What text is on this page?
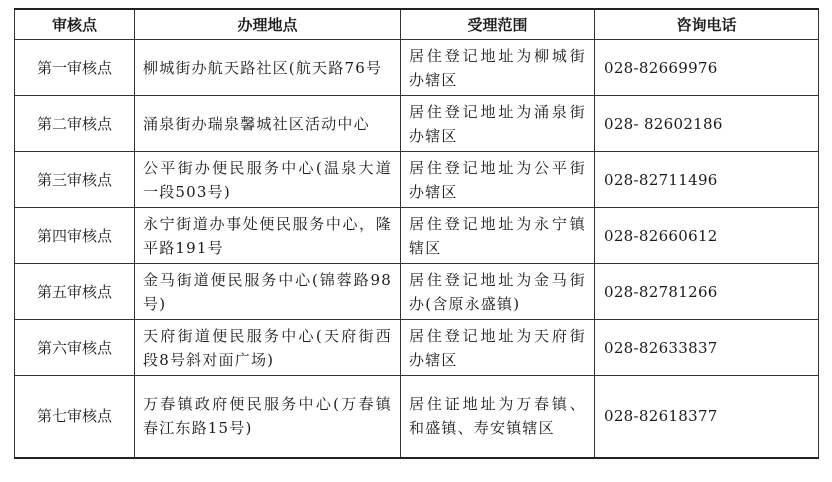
审核点	办理地点	受理范围	咨询电话
第一审核点	柳城街办航天路社区(航天路76号	居住登记地址为柳城街办辖区	028-82669976
第二审核点	涌泉街办瑞泉馨城社区活动中心	居住登记地址为涌泉街办辖区	028- 82602186
第三审核点	公平街办便民服务中心(温泉大道一段503号)	居住登记地址为公平街办辖区	028-82711496
第四审核点	永宁街道办事处便民服务中心，隆平路191号	居住登记地址为永宁镇辖区	028-82660612
第五审核点	金马街道便民服务中心(锦蓉路98号)	居住登记地址为金马街办(含原永盛镇)	028-82781266
第六审核点	天府街道便民服务中心(天府街西段8号斜对面广场)	居住登记地址为天府街办辖区	028-82633837
第七审核点	万春镇政府便民服务中心(万春镇春江东路15号)	居住证地址为万春镇、和盛镇、寿安镇辖区	028-82618377
